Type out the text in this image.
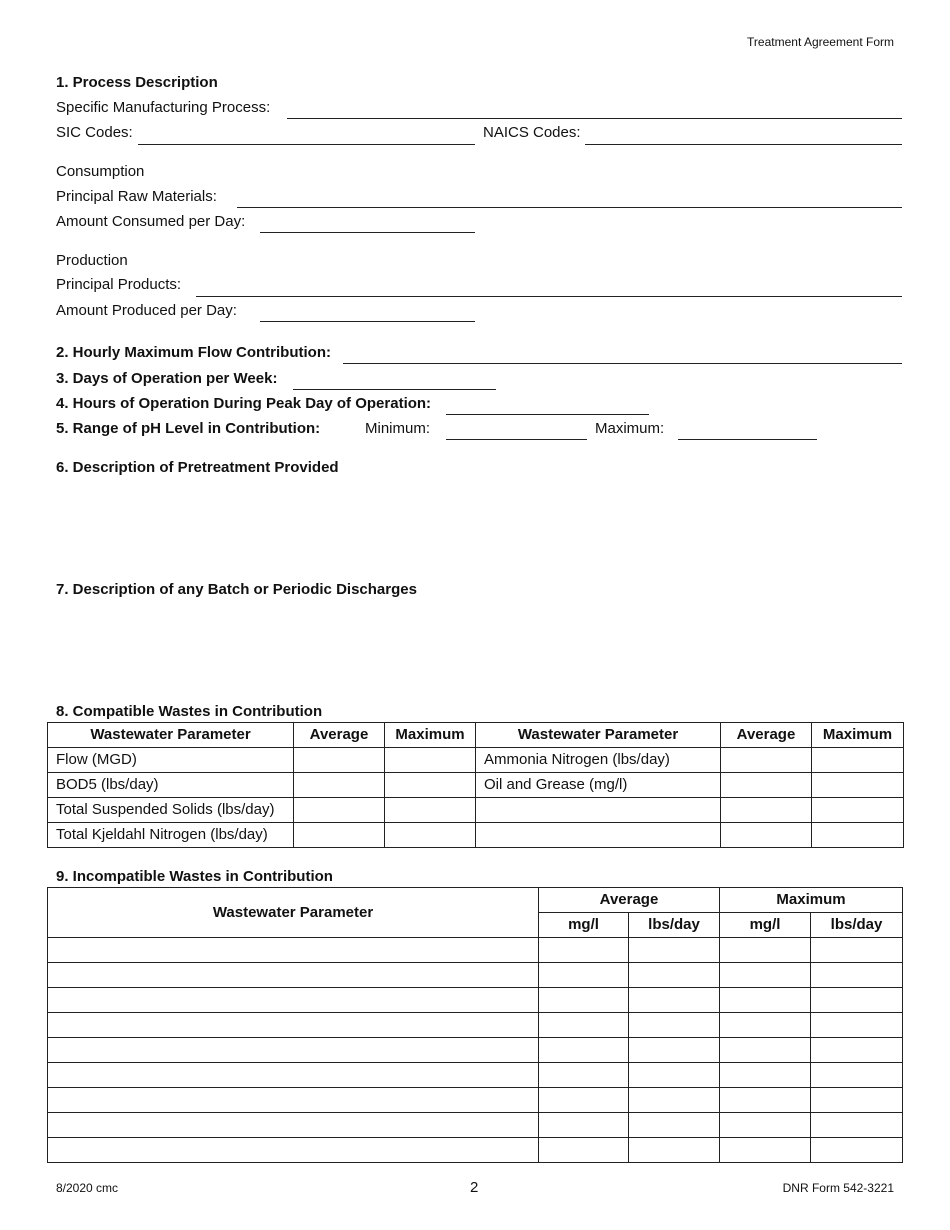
Treatment Agreement Form
1. Process Description
Specific Manufacturing Process:
SIC Codes:	NAICS Codes:
Consumption
Principal Raw Materials:
Amount Consumed per Day:
Production
Principal Products:
Amount Produced per Day:
2. Hourly Maximum Flow Contribution:
3. Days of Operation per Week:
4. Hours of Operation During Peak Day of Operation:
5. Range of pH Level in Contribution:	Minimum:	Maximum:
6. Description of Pretreatment Provided
7. Description of any Batch or Periodic Discharges
8. Compatible Wastes in Contribution
Wastewater Parameter	Average	Maximum	Wastewater Parameter	Average	Maximum
Flow (MGD)			Ammonia Nitrogen (lbs/day)		
BOD5 (lbs/day)			Oil and Grease (mg/l)		
Total Suspended Solids (lbs/day)					
Total Kjeldahl Nitrogen (lbs/day)					
9. Incompatible Wastes in Contribution
Wastewater Parameter	Average		Maximum	
	mg/l	lbs/day	mg/l	lbs/day

8/2020 cmc	2	DNR Form 542-3221
